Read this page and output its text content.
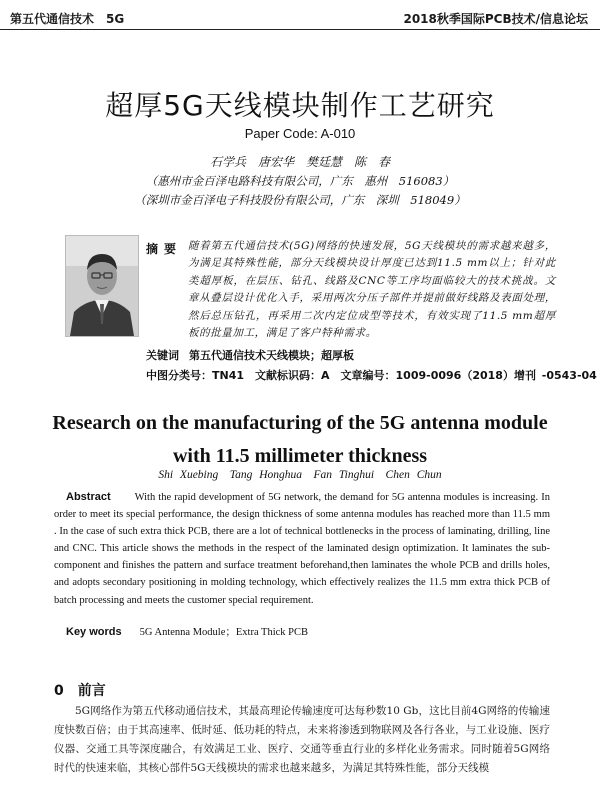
第五代通信技术　5G	2018秋季国际PCB技术/信息论坛
超厚5G天线模块制作工艺研究
Paper Code: A-010
石学兵　唐宏华　樊廷慧　陈　春
（惠州市金百泽电路科技有限公司，广东　惠州　516083）
（深圳市金百泽电子科技股份有限公司，广东　深圳　518049）
摘要 随着第五代通信技术(5G)网络的快速发展，5G天线模块的需求越来越多，为满足其特殊性能，部分天线模块设计厚度已达到11.5 mm以上；针对此类超厚板，在层压、钻孔、线路及CNC等工序均面临较大的技术挑战。文章从叠层设计优化入手，采用两次分压子部件并提前做好线路及表面处理，然后总压钻孔，再采用二次内定位成型等技术，有效实现了11.5 mm超厚板的批量加工，满足了客户特种需求。
关键词 第五代通信技术天线模块；超厚板
中图分类号：TN41　文献标识码：A　文章编号：1009-0096（2018）增刊 -0543-04
Research on the manufacturing of the 5G antenna module with 11.5 millimeter thickness
Shi Xuebing　Tang Honghua　Fan Tinghui　Chen Chun
Abstract With the rapid development of 5G network, the demand for 5G antenna modules is increasing. In order to meet its special performance, the design thickness of some antenna modules has reached more than 11.5 mm . In the case of such extra thick PCB, there are a lot of technical bottlenecks in the process of laminating, drilling, line and CNC. This article shows the methods in the respect of the laminated design optimization. It laminates the sub-component and finishes the pattern and surface treatment beforehand,then laminates the whole PCB and drills holes, and adopts secondary positioning in molding technology, which effectively realizes the 11.5 mm extra thick PCB of batch processing and meets the customer special requirement.
Key words 5G Antenna Module；Extra Thick PCB
0 前言
5G网络作为第五代移动通信技术，其最高理论传输速度可达每秒数10 Gb，这比目前4G网络的传输速度快数百倍；由于其高速率、低时延、低功耗的特点，未来将渗透到物联网及各行各业，与工业设施、医疗仪器、交通工具等深度融合，有效满足工业、医疗、交通等垂直行业的多样化业务需求。同时随着5G网络时代的快速来临，其核心部件5G天线模块的需求也越来越多，为满足其特殊性能，部分天线模
